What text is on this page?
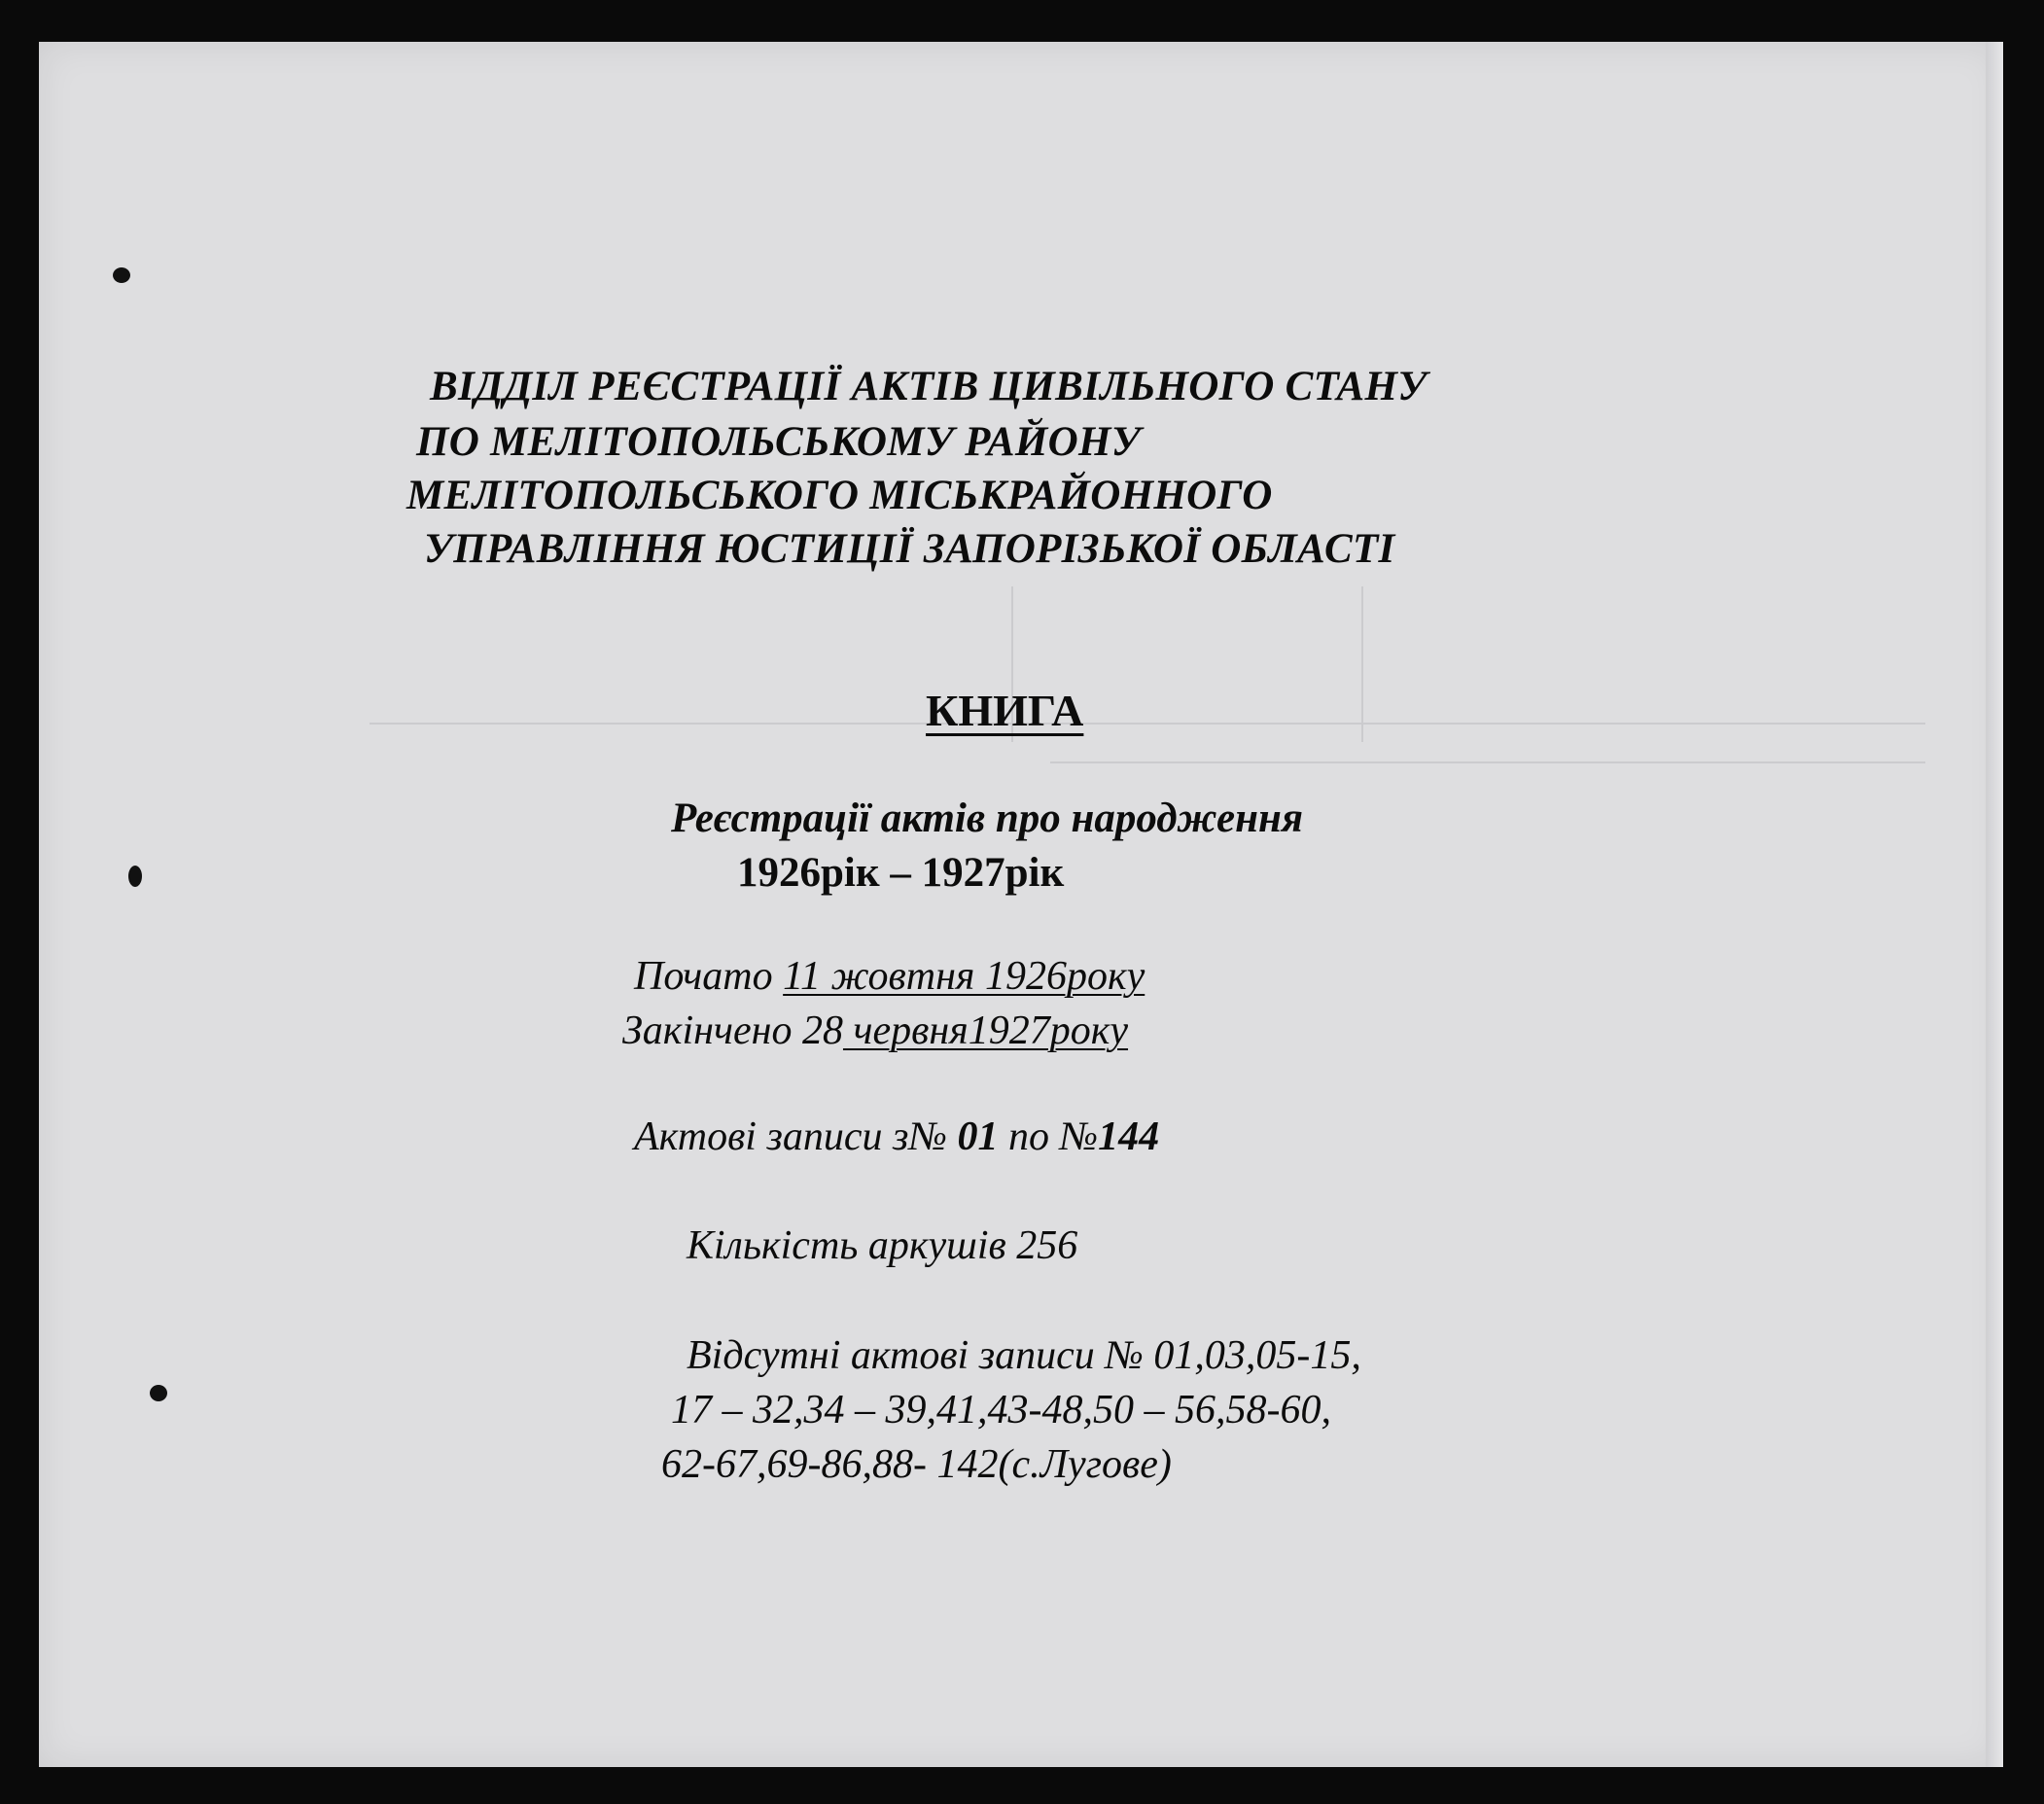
ВІДДІЛ РЕЄСТРАЦІЇ АКТІВ ЦИВІЛЬНОГО СТАНУ

ПО МЕЛІТОПОЛЬСЬКОМУ РАЙОНУ

МЕЛІТОПОЛЬСЬКОГО МІСЬКРАЙОННОГО

УПРАВЛІННЯ ЮСТИЦІЇ ЗАПОРІЗЬКОЇ ОБЛАСТІ

КНИГА

Реєстрації актів про народження

1926рік – 1927рік

Почато 11 жовтня 1926року

Закінчено 28 червня1927року

Актові записи з№ 01 по №144

Кількість аркушів 256

Відсутні актові записи № 01,03,05-15,

17 – 32,34 – 39,41,43-48,50 – 56,58-60,

62-67,69-86,88- 142(с.Лугове)
